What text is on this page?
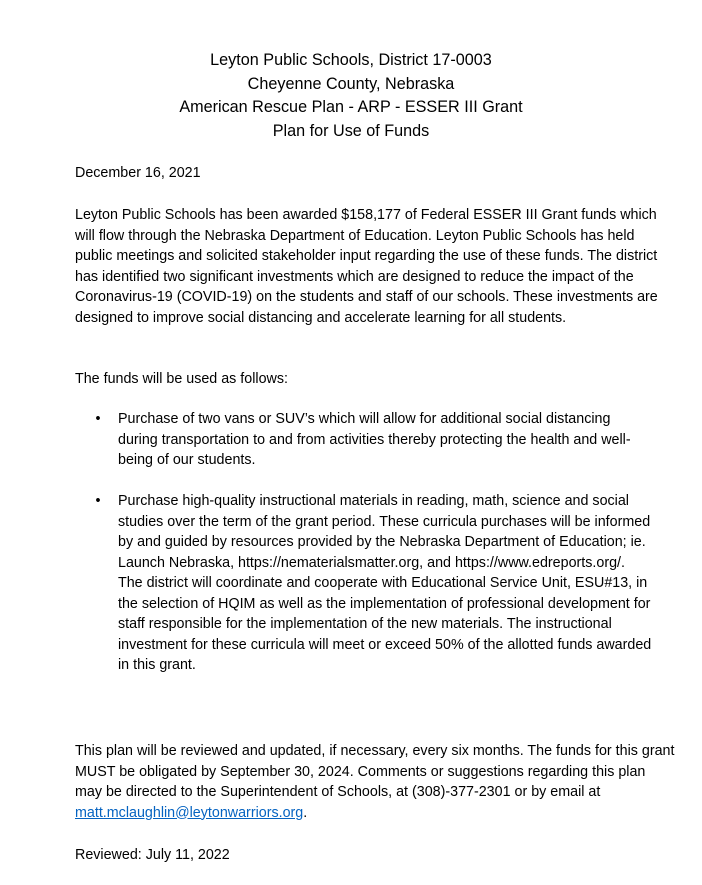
Leyton Public Schools, District 17-0003
Cheyenne County, Nebraska
American Rescue Plan - ARP - ESSER III Grant
Plan for Use of Funds
December 16, 2021
Leyton Public Schools has been awarded $158,177 of Federal ESSER III Grant funds which will flow through the Nebraska Department of Education. Leyton Public Schools has held public meetings and solicited stakeholder input regarding the use of these funds. The district has identified two significant investments which are designed to reduce the impact of the Coronavirus-19 (COVID-19) on the students and staff of our schools. These investments are designed to improve social distancing and accelerate learning for all students.
The funds will be used as follows:
• Purchase of two vans or SUV’s which will allow for additional social distancing during transportation to and from activities thereby protecting the health and well-being of our students.
• Purchase high-quality instructional materials in reading, math, science and social studies over the term of the grant period. These curricula purchases will be informed by and guided by resources provided by the Nebraska Department of Education; ie. Launch Nebraska, https://nematerialsmatter.org, and https://www.edreports.org/. The district will coordinate and cooperate with Educational Service Unit, ESU#13, in the selection of HQIM as well as the implementation of professional development for staff responsible for the implementation of the new materials. The instructional investment for these curricula will meet or exceed 50% of the allotted funds awarded in this grant.
This plan will be reviewed and updated, if necessary, every six months. The funds for this grant MUST be obligated by September 30, 2024. Comments or suggestions regarding this plan may be directed to the Superintendent of Schools, at (308)-377-2301 or by email at matt.mclaughlin@leytonwarriors.org.
Reviewed: July 11, 2022
